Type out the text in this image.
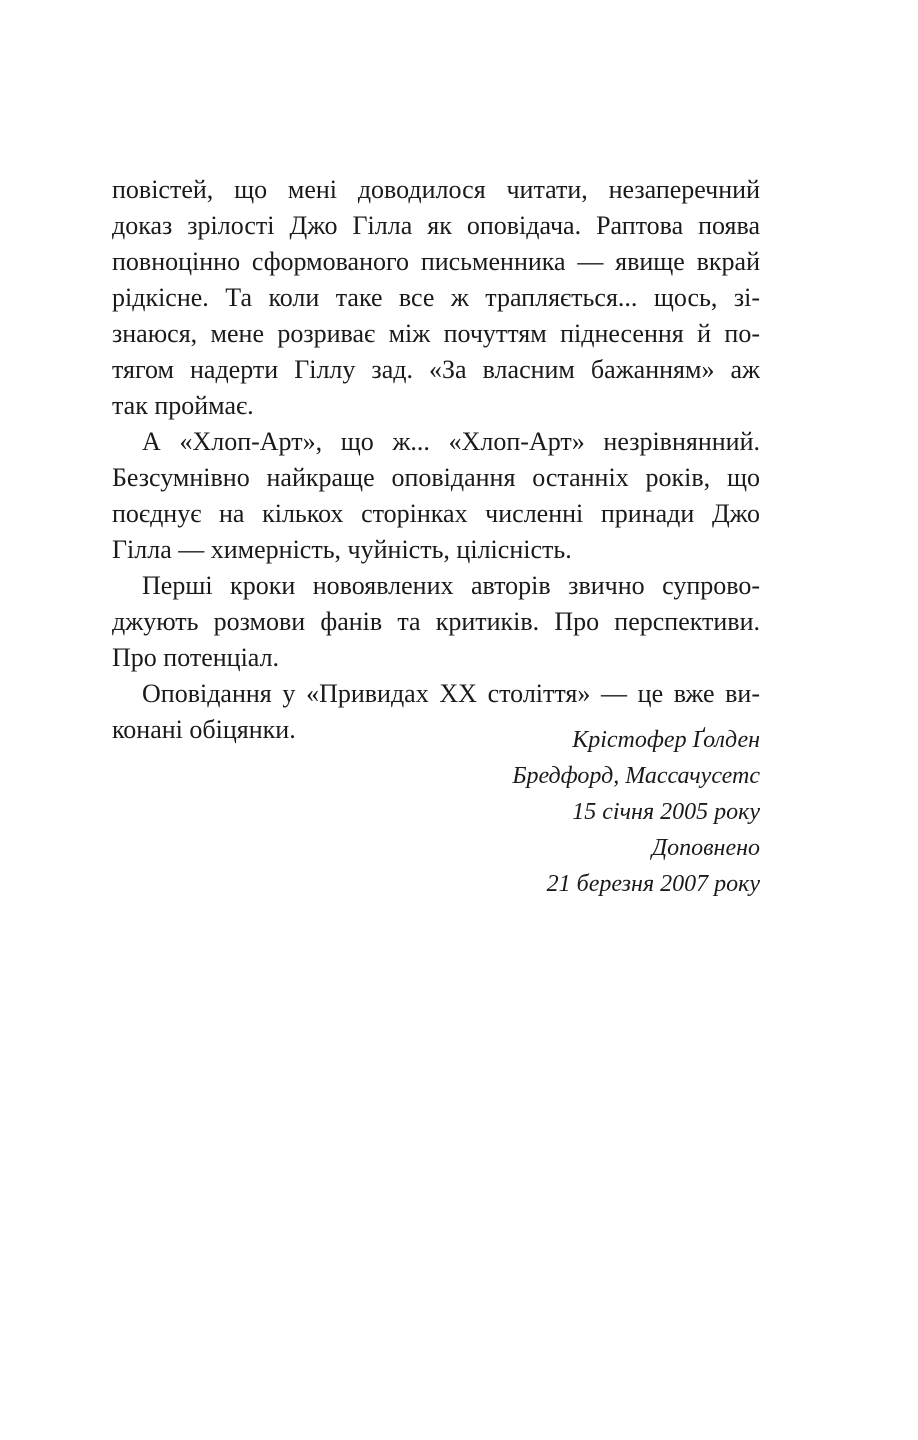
повістей, що мені доводилося читати, незаперечний
доказ зрілості Джо Гілла як оповідача. Раптова поява
повноцінно сформованого письменника — явище вкрай
рідкісне. Та коли таке все ж трапляється... щось, зі-
знаюся, мене розриває між почуттям піднесення й по-
тягом надерти Гіллу зад. «За власним бажанням» аж
так проймає.
А «Хлоп-Арт», що ж... «Хлоп-Арт» незрівнянний.
Безсумнівно найкраще оповідання останніх років, що
поєднує на кількох сторінках численні принади Джо
Гілла — химерність, чуйність, цілісність.
Перші кроки новоявлених авторів звично супрово-
джують розмови фанів та критиків. Про перспективи.
Про потенціал.
Оповідання у «Привидах XX століття» — це вже ви-
конані обіцянки.	Крістофер Ґолден
Бредфорд, Массачусетс
15 січня 2005 року
Доповнено
21 березня 2007 року
